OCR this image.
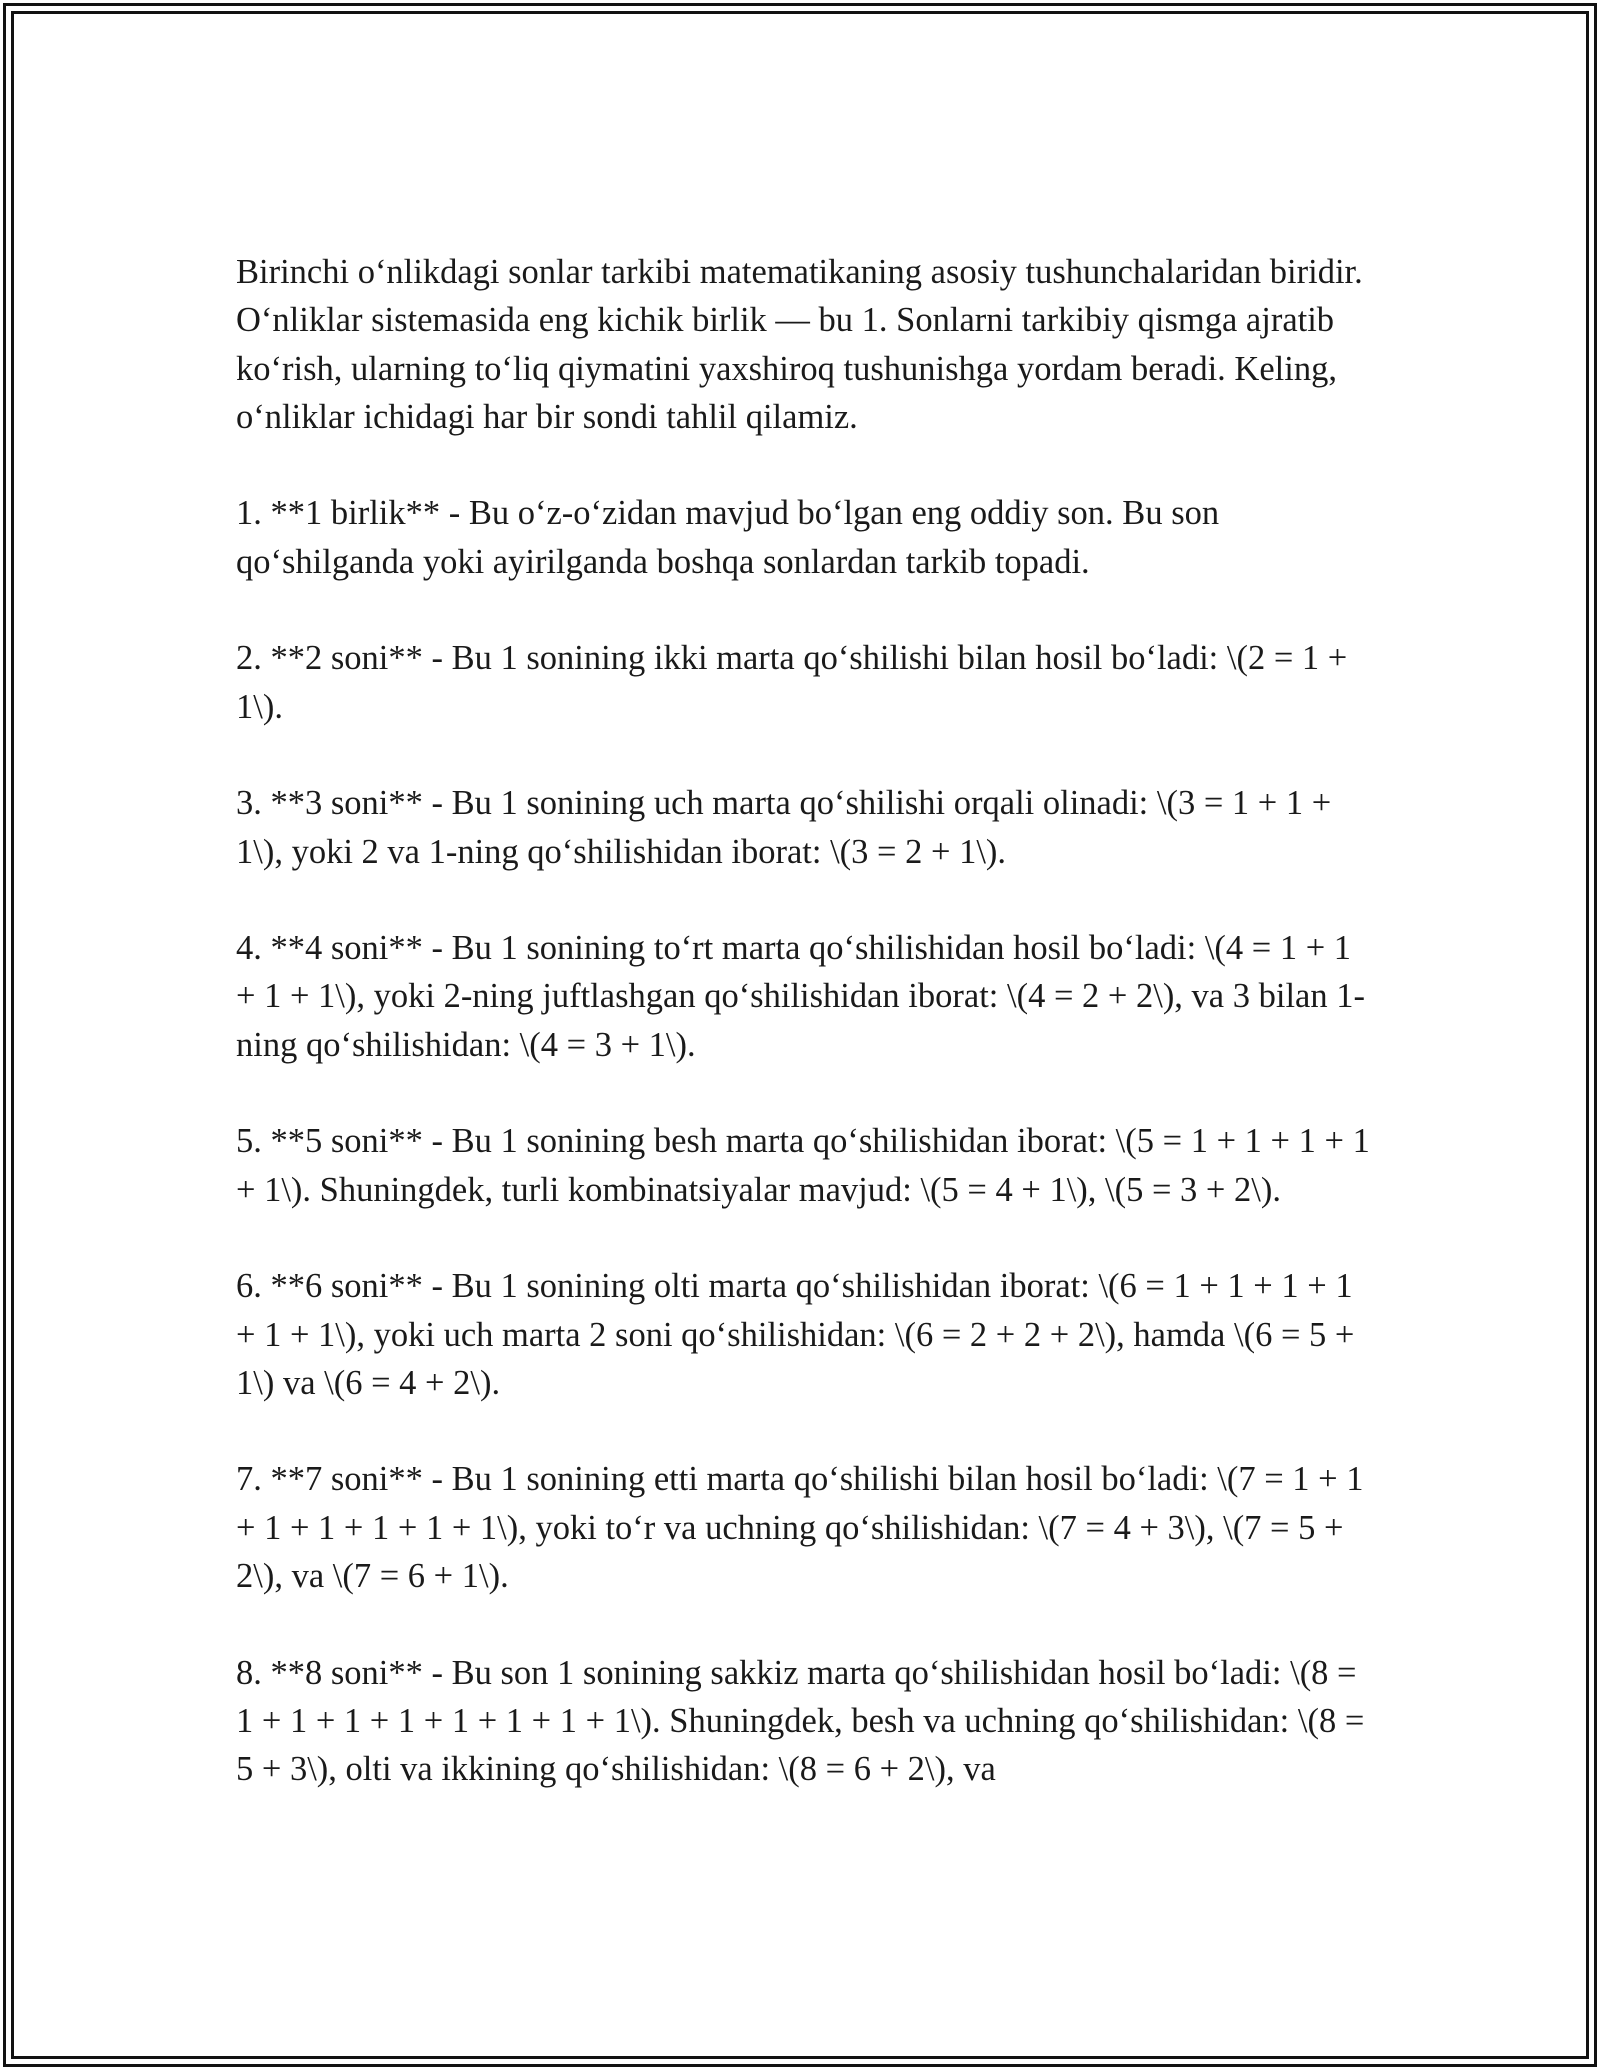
Birinchi o‘nlikdagi sonlar tarkibi matematikaning asosiy tushunchalaridan biridir. O‘nliklar sistemasida eng kichik birlik — bu 1. Sonlarni tarkibiy qismga ajratib ko‘rish, ularning to‘liq qiymatini yaxshiroq tushunishga yordam beradi. Keling, o‘nliklar ichidagi har bir sondi tahlil qilamiz.

1. **1 birlik** - Bu o‘z-o‘zidan mavjud bo‘lgan eng oddiy son. Bu son qo‘shilganda yoki ayirilganda boshqa sonlardan tarkib topadi.

2. **2 soni** - Bu 1 sonining ikki marta qo‘shilishi bilan hosil bo‘ladi: \(2 = 1 + 1\).

3. **3 soni** - Bu 1 sonining uch marta qo‘shilishi orqali olinadi: \(3 = 1 + 1 + 1\), yoki 2 va 1-ning qo‘shilishidan iborat: \(3 = 2 + 1\).

4. **4 soni** - Bu 1 sonining to‘rt marta qo‘shilishidan hosil bo‘ladi: \(4 = 1 + 1 + 1 + 1\), yoki 2-ning juftlashgan qo‘shilishidan iborat: \(4 = 2 + 2\), va 3 bilan 1-ning qo‘shilishidan: \(4 = 3 + 1\).

5. **5 soni** - Bu 1 sonining besh marta qo‘shilishidan iborat: \(5 = 1 + 1 + 1 + 1 + 1\). Shuningdek, turli kombinatsiyalar mavjud: \(5 = 4 + 1\), \(5 = 3 + 2\).

6. **6 soni** - Bu 1 sonining olti marta qo‘shilishidan iborat: \(6 = 1 + 1 + 1 + 1 + 1 + 1\), yoki uch marta 2 soni qo‘shilishidan: \(6 = 2 + 2 + 2\), hamda \(6 = 5 + 1\) va \(6 = 4 + 2\).

7. **7 soni** - Bu 1 sonining etti marta qo‘shilishi bilan hosil bo‘ladi: \(7 = 1 + 1 + 1 + 1 + 1 + 1 + 1\), yoki to‘r va uchning qo‘shilishidan: \(7 = 4 + 3\), \(7 = 5 + 2\), va \(7 = 6 + 1\).

8. **8 soni** - Bu son 1 sonining sakkiz marta qo‘shilishidan hosil bo‘ladi: \(8 = 1 + 1 + 1 + 1 + 1 + 1 + 1 + 1\). Shuningdek, besh va uchning qo‘shilishidan: \(8 = 5 + 3\), olti va ikkining qo‘shilishidan: \(8 = 6 + 2\), va
